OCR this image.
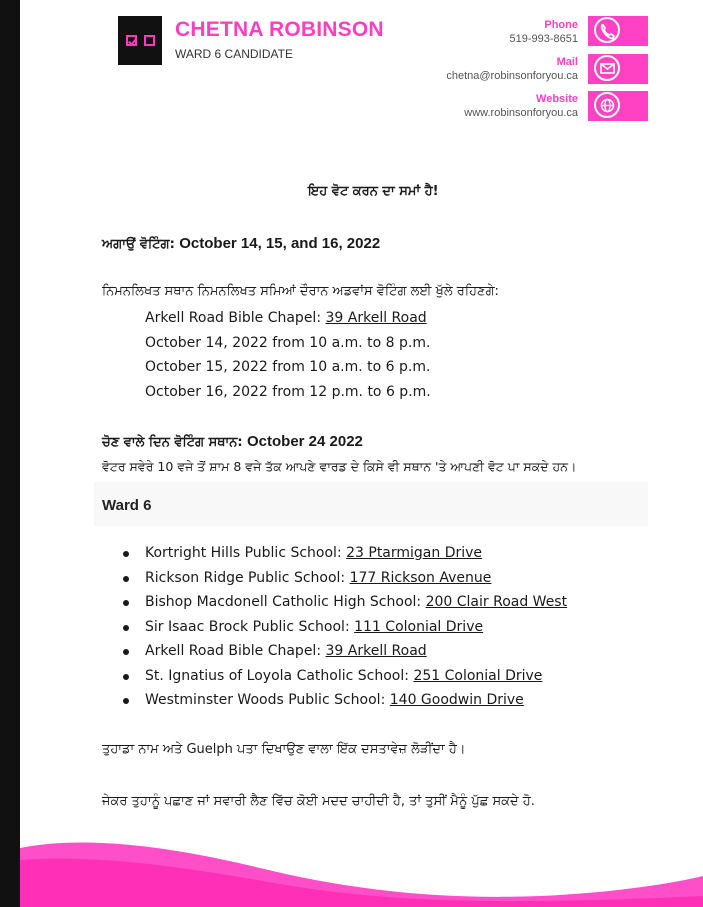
CHETNA ROBINSON
WARD 6 CANDIDATE
Phone
519-993-8651
Mail
chetna@robinsonforyou.ca
Website
www.robinsonforyou.ca
ਇਹ ਵੋਟ ਕਰਨ ਦਾ ਸਮਾਂ ਹੈ!
ਅਗਾਉਂ ਵੋਟਿੰਗ: October 14, 15, and 16, 2022
ਨਿਮਨਲਿਖਤ ਸਥਾਨ ਨਿਮਨਲਿਖਤ ਸਮਿਆਂ ਦੌਰਾਨ ਅਡਵਾਂਸ ਵੋਟਿੰਗ ਲਈ ਖੁੱਲੇ ਰਹਿਣਗੇ:
Arkell Road Bible Chapel: 39 Arkell Road
October 14, 2022 from 10 a.m. to 8 p.m.
October 15, 2022 from 10 a.m. to 6 p.m.
October 16, 2022 from 12 p.m. to 6 p.m.
ਚੋਣ ਵਾਲੇ ਦਿਨ ਵੋਟਿੰਗ ਸਥਾਨ: October 24 2022
ਵੋਟਰ ਸਵੇਰੇ 10 ਵਜੇ ਤੋਂ ਸ਼ਾਮ 8 ਵਜੇ ਤੱਕ ਆਪਣੇ ਵਾਰਡ ਦੇ ਕਿਸੇ ਵੀ ਸਥਾਨ 'ਤੇ ਆਪਣੀ ਵੋਟ ਪਾ ਸਕਦੇ ਹਨ।
Ward 6
Kortright Hills Public School: 23 Ptarmigan Drive
Rickson Ridge Public School: 177 Rickson Avenue
Bishop Macdonell Catholic High School: 200 Clair Road West
Sir Isaac Brock Public School: 111 Colonial Drive
Arkell Road Bible Chapel: 39 Arkell Road
St. Ignatius of Loyola Catholic School: 251 Colonial Drive
Westminster Woods Public School: 140 Goodwin Drive
ਤੁਹਾਡਾ ਨਾਮ ਅਤੇ Guelph ਪਤਾ ਦਿਖਾਉਣ ਵਾਲਾ ਇੱਕ ਦਸਤਾਵੇਜ਼ ਲੋੜੀਂਦਾ ਹੈ।
ਜੇਕਰ ਤੁਹਾਨੂੰ ਪਛਾਣ ਜਾਂ ਸਵਾਰੀ ਲੈਣ ਵਿੱਚ ਕੋਈ ਮਦਦ ਚਾਹੀਦੀ ਹੈ, ਤਾਂ ਤੁਸੀਂ ਮੈਨੂੰ ਪੁੱਛ ਸਕਦੇ ਹੋ.
